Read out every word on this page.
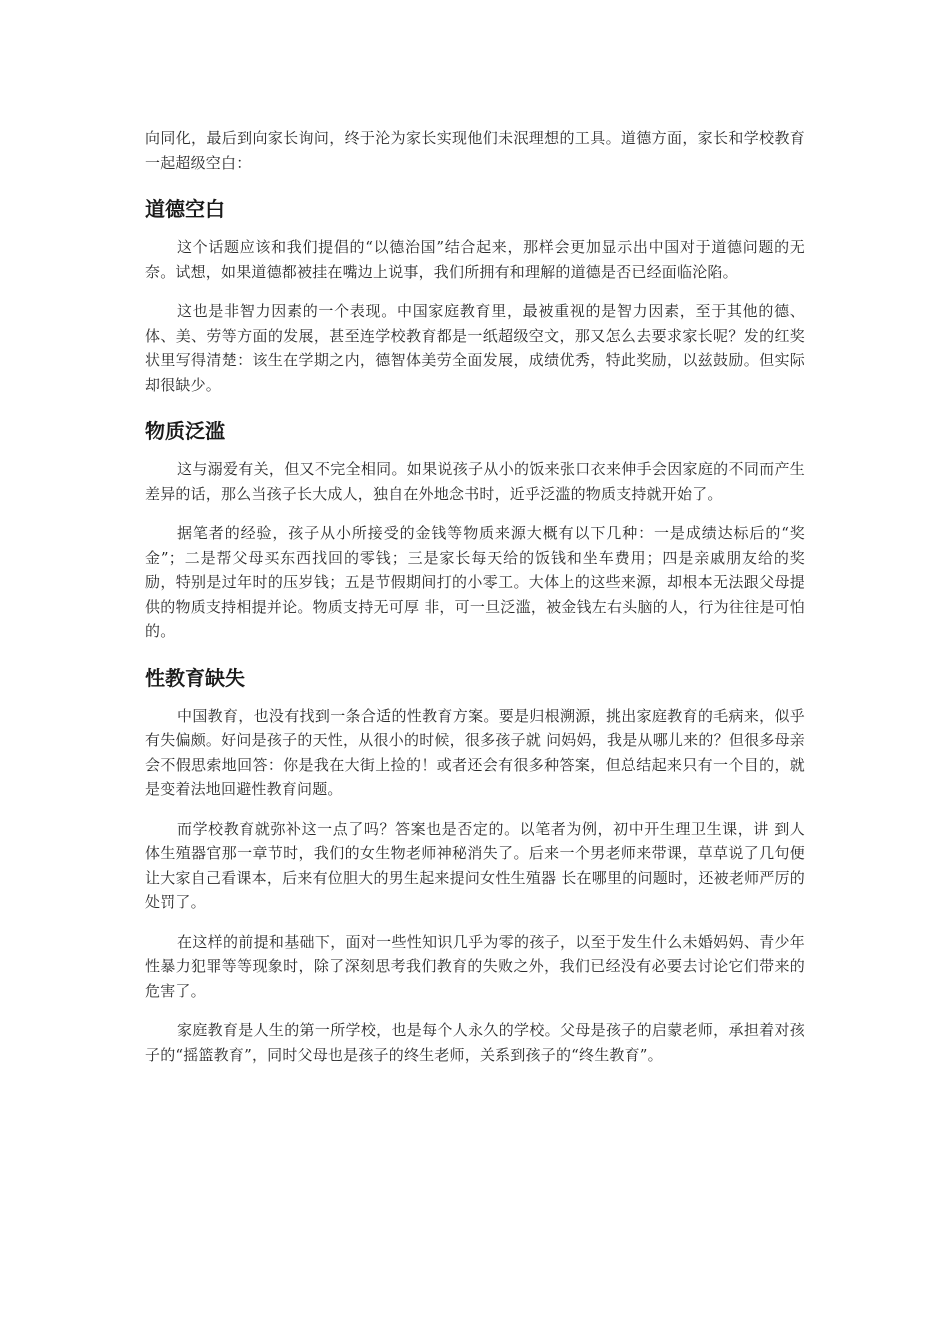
向同化，最后到向家长询问，终于沦为家长实现他们未泯理想的工具。道德方面，家长和学校教育一起超级空白：

道德空白

这个话题应该和我们提倡的“以德治国”结合起来，那样会更加显示出中国对于道德问题的无奈。试想，如果道德都被挂在嘴边上说事，我们所拥有和理解的道德是否已经面临沦陷。

这也是非智力因素的一个表现。中国家庭教育里，最被重视的是智力因素，至于其他的德、体、美、劳等方面的发展，甚至连学校教育都是一纸超级空文，那又怎么去要求家长呢？发的红奖状里写得清楚：该生在学期之内，德智体美劳全面发展，成绩优秀，特此奖励，以兹鼓励。但实际却很缺少。

物质泛滥

这与溺爱有关，但又不完全相同。如果说孩子从小的饭来张口衣来伸手会因家庭的不同而产生差异的话，那么当孩子长大成人，独自在外地念书时，近乎泛滥的物质支持就开始了。

据笔者的经验，孩子从小所接受的金钱等物质来源大概有以下几种：一是成绩达标后的“奖金”；二是帮父母买东西找回的零钱；三是家长每天给的饭钱和坐车费用；四是亲戚朋友给的奖励，特别是过年时的压岁钱；五是节假期间打的小零工。大体上的这些来源，却根本无法跟父母提供的物质支持相提并论。物质支持无可厚 非，可一旦泛滥，被金钱左右头脑的人，行为往往是可怕的。

性教育缺失

中国教育，也没有找到一条合适的性教育方案。要是归根溯源，挑出家庭教育的毛病来，似乎有失偏颇。好问是孩子的天性，从很小的时候，很多孩子就 问妈妈，我是从哪儿来的？但很多母亲会不假思索地回答：你是我在大街上捡的！或者还会有很多种答案，但总结起来只有一个目的，就是变着法地回避性教育问题。

而学校教育就弥补这一点了吗？答案也是否定的。以笔者为例，初中开生理卫生课，讲 到人体生殖器官那一章节时，我们的女生物老师神秘消失了。后来一个男老师来带课，草草说了几句便让大家自己看课本，后来有位胆大的男生起来提问女性生殖器 长在哪里的问题时，还被老师严厉的处罚了。

在这样的前提和基础下，面对一些性知识几乎为零的孩子，以至于发生什么未婚妈妈、青少年性暴力犯罪等等现象时，除了深刻思考我们教育的失败之外，我们已经没有必要去讨论它们带来的危害了。

家庭教育是人生的第一所学校，也是每个人永久的学校。父母是孩子的启蒙老师，承担着对孩子的“摇篮教育”，同时父母也是孩子的终生老师，关系到孩子的“终生教育”。
